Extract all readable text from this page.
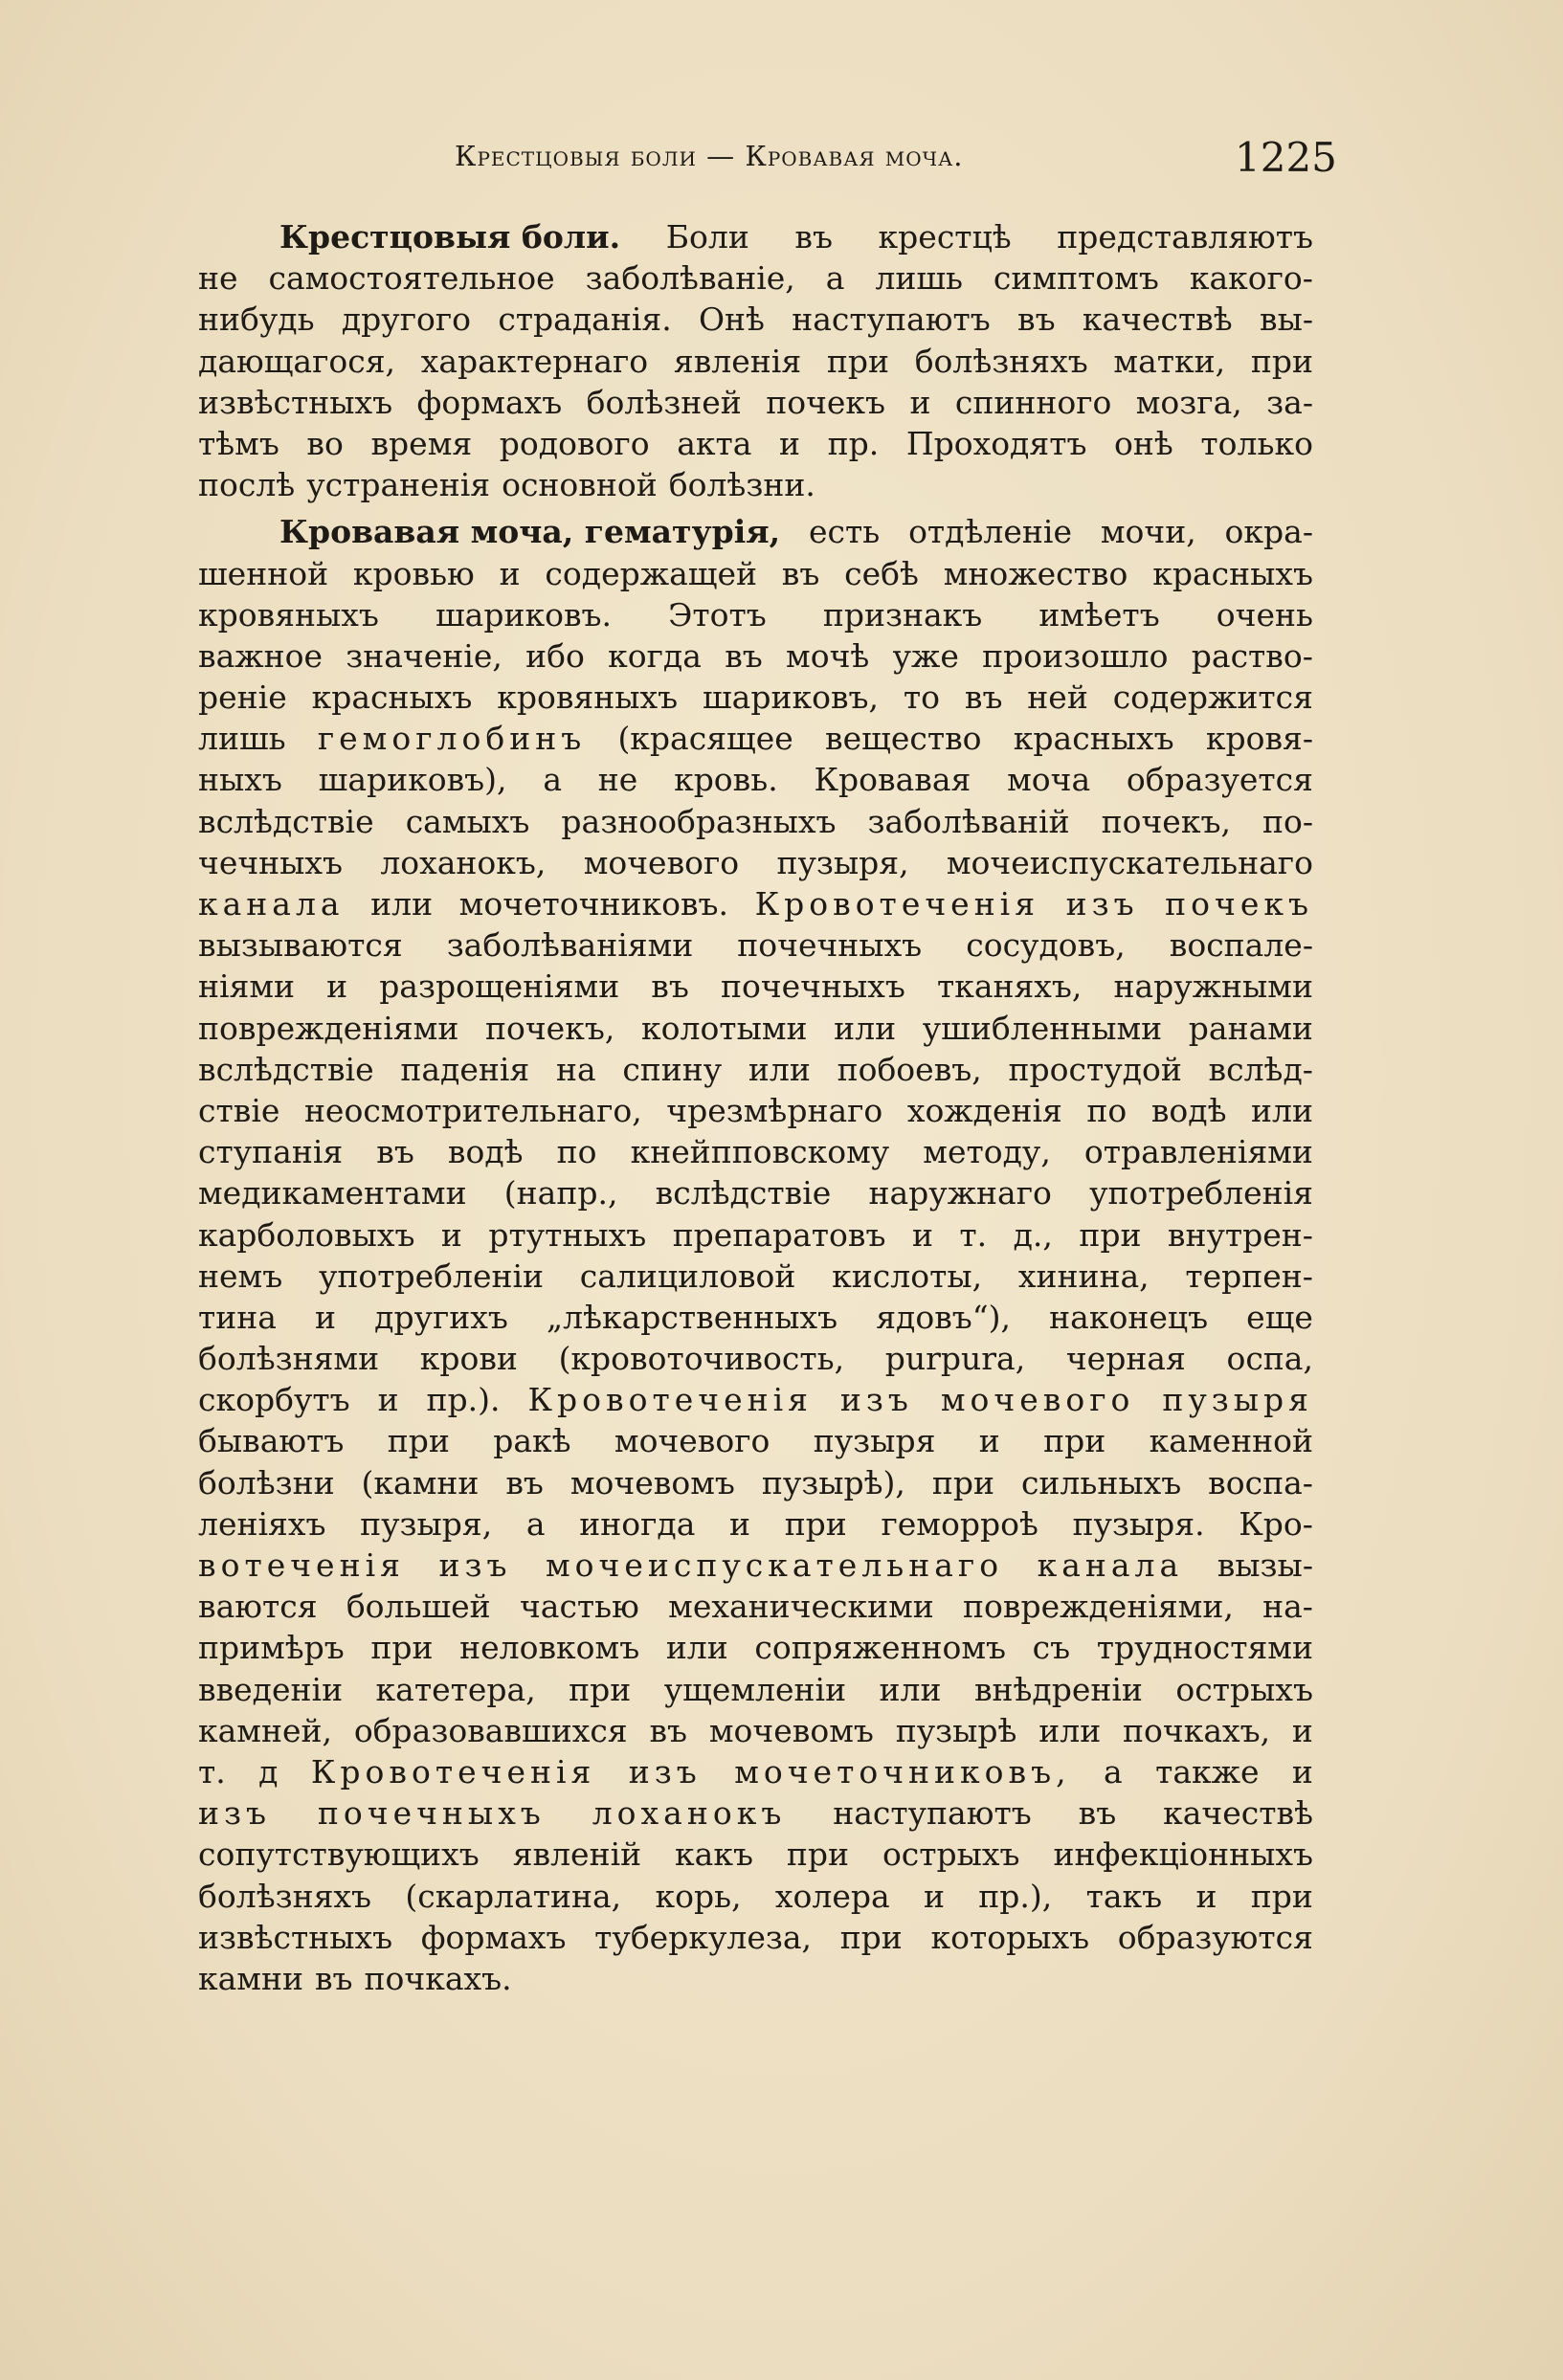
Крестцовыя боли — Кровавая моча.	1225
Крестцовыя боли. Боли въ крестцѣ представляютъ
не самостоятельное заболѣваніе, а лишь симптомъ какого-
нибудь другого страданія. Онѣ наступаютъ въ качествѣ вы-
дающагося, характернаго явленія при болѣзняхъ матки, при
извѣстныхъ формахъ болѣзней почекъ и спинного мозга, за-
тѣмъ во время родового акта и пр. Проходятъ онѣ только
послѣ устраненія основной болѣзни.
Кровавая моча, гематурія, есть отдѣленіе мочи, окра-
шенной кровью и содержащей въ себѣ множество красныхъ
кровяныхъ шариковъ. Этотъ признакъ имѣетъ очень
важное значеніе, ибо когда въ мочѣ уже произошло раство-
реніе красныхъ кровяныхъ шариковъ, то въ ней содержится
лишь гемоглобинъ (красящее вещество красныхъ кровя-
ныхъ шариковъ), а не кровь. Кровавая моча образуется
вслѣдствіе самыхъ разнообразныхъ заболѣваній почекъ, по-
чечныхъ лоханокъ, мочевого пузыря, мочеиспускательнаго
канала или мочеточниковъ. Кровотеченія изъ почекъ
вызываются заболѣваніями почечныхъ сосудовъ, воспале-
ніями и разрощеніями въ почечныхъ тканяхъ, наружными
поврежденіями почекъ, колотыми или ушибленными ранами
вслѣдствіе паденія на спину или побоевъ, простудой вслѣд-
ствіе неосмотрительнаго, чрезмѣрнаго хожденія по водѣ или
ступанія въ водѣ по кнейпповскому методу, отравленіями
медикаментами (напр., вслѣдствіе наружнаго употребленія
карболовыхъ и ртутныхъ препаратовъ и т. д., при внутрен-
немъ употребленіи салициловой кислоты, хинина, терпен-
тина и другихъ „лѣкарственныхъ ядовъ“), наконецъ еще
болѣзнями крови (кровоточивость, purpura, черная оспа,
скорбутъ и пр.). Кровотеченія изъ мочевого пузыря
бываютъ при ракѣ мочевого пузыря и при каменной
болѣзни (камни въ мочевомъ пузырѣ), при сильныхъ воспа-
леніяхъ пузыря, а иногда и при геморроѣ пузыря. Кро-
вотеченія изъ мочеиспускательнаго канала вызы-
ваются большей частью механическими поврежденіями, на-
примѣръ при неловкомъ или сопряженномъ съ трудностями
введеніи катетера, при ущемленіи или внѣдреніи острыхъ
камней, образовавшихся въ мочевомъ пузырѣ или почкахъ, и
т. д Кровотеченія изъ мочеточниковъ, а также и
изъ почечныхъ лоханокъ наступаютъ въ качествѣ
сопутствующихъ явленій какъ при острыхъ инфекціонныхъ
болѣзняхъ (скарлатина, корь, холера и пр.), такъ и при
извѣстныхъ формахъ туберкулеза, при которыхъ образуются
камни въ почкахъ.
